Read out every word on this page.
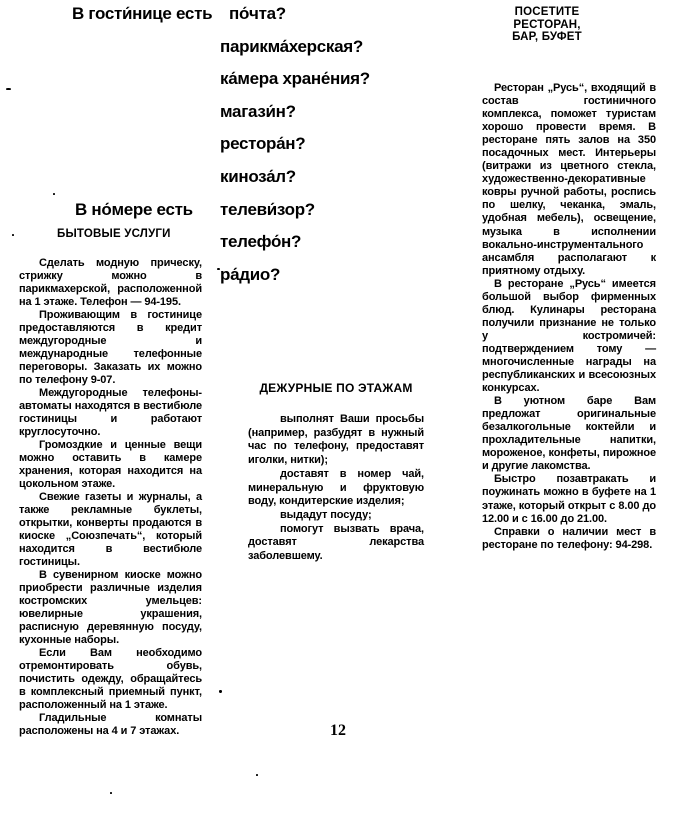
В гости́нице есть
В но́мере есть
по́чта?
парикма́херская?
ка́мера хране́ния?
магази́н?
рестора́н?
киноза́л?
телеви́зор?
телефо́н?
ра́дио?
БЫТОВЫЕ УСЛУГИ

Сделать модную прическу, стрижку можно в парикмахерской, расположенной на 1 этаже. Телефон — 94-195.

Проживающим в гостинице предоставляются в кредит междугородные и международные телефонные переговоры. Заказать их можно по телефону 9-07.

Междугородные телефоны-автоматы находятся в вестибюле гостиницы и работают круглосуточно.

Громоздкие и ценные вещи можно оставить в камере хранения, которая находится на цокольном этаже.

Свежие газеты и журналы, а также рекламные буклеты, открытки, конверты продаются в киоске „Союзпечать“, который находится в вестибюле гостиницы.

В сувенирном киоске можно приобрести различные изделия костромских умельцев: ювелирные украшения, расписную деревянную посуду, кухонные наборы.

Если Вам необходимо отремонтировать обувь, почистить одежду, обращайтесь в комплексный приемный пункт, расположенный на 1 этаже.

Гладильные комнаты расположены на 4 и 7 этажах.

ДЕЖУРНЫЕ ПО ЭТАЖАМ

выполнят Ваши просьбы (например, разбудят в нужный час по телефону, предоставят иголки, нитки);

доставят в номер чай, минеральную и фруктовую воду, кондитерские изделия;

выдадут посуду;

помогут вызвать врача, доставят лекарства заболевшему.

ПОСЕТИТЕ РЕСТОРАН,
БАР, БУФЕТ

Ресторан „Русь“, входящий в состав гостиничного комплекса, поможет туристам хорошо провести время. В ресторане пять залов на 350 посадочных мест. Интерьеры (витражи из цветного стекла, художественно-декоративные ковры ручной работы, роспись по шелку, чеканка, эмаль, удобная мебель), освещение, музыка в исполнении вокально-инструментального ансамбля располагают к приятному отдыху.

В ресторане „Русь“ имеется большой выбор фирменных блюд. Кулинары ресторана получили признание не только у костромичей: подтверждением тому — многочисленные награды на республиканских и всесоюзных конкурсах.

В уютном баре Вам предложат оригинальные безалкогольные коктейли и прохладительные напитки, мороженое, конфеты, пирожное и другие лакомства.

Быстро позавтракать и поужинать можно в буфете на 1 этаже, который открыт с 8.00 до 12.00 и с 16.00 до 21.00.

Справки о наличии мест в ресторане по телефону: 94-298.

12
